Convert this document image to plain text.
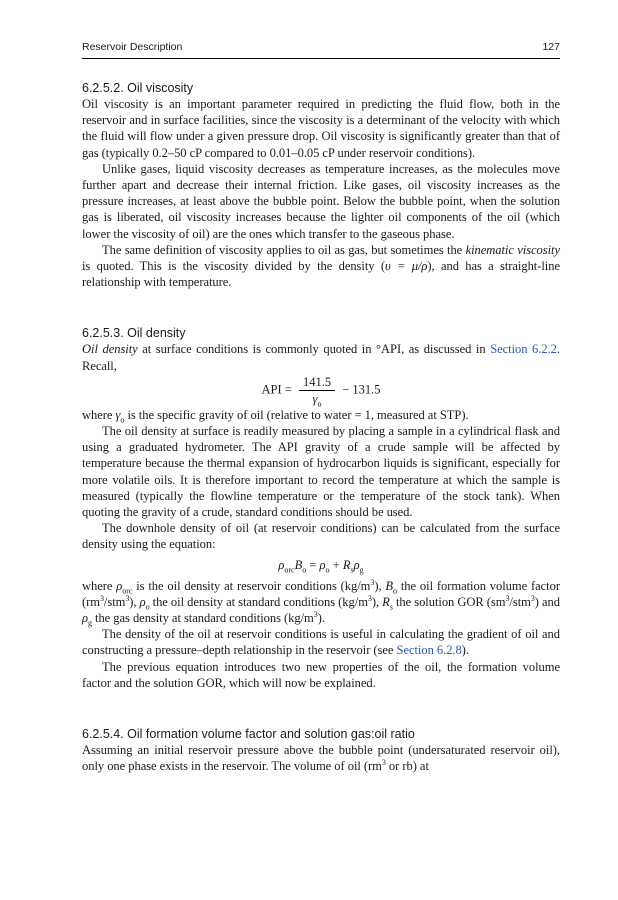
Reservoir Description	127
6.2.5.2. Oil viscosity

Oil viscosity is an important parameter required in predicting the fluid flow, both in the reservoir and in surface facilities, since the viscosity is a determinant of the velocity with which the fluid will flow under a given pressure drop. Oil viscosity is significantly greater than that of gas (typically 0.2–50 cP compared to 0.01–0.05 cP under reservoir conditions).

Unlike gases, liquid viscosity decreases as temperature increases, as the molecules move further apart and decrease their internal friction. Like gases, oil viscosity increases as the pressure increases, at least above the bubble point. Below the bubble point, when the solution gas is liberated, oil viscosity increases because the lighter oil components of the oil (which lower the viscosity of oil) are the ones which transfer to the gaseous phase.

The same definition of viscosity applies to oil as gas, but sometimes the kinematic viscosity is quoted. This is the viscosity divided by the density (υ = μ/ρ), and has a straight-line relationship with temperature.

6.2.5.3. Oil density

Oil density at surface conditions is commonly quoted in °API, as discussed in Section 6.2.2. Recall,

API = $\frac{141.5}{\gamma_o} - 131.5$

where $\gamma_o$ is the specific gravity of oil (relative to water = 1, measured at STP).

The oil density at surface is readily measured by placing a sample in a cylindrical flask and using a graduated hydrometer. The API gravity of a crude sample will be affected by temperature because the thermal expansion of hydrocarbon liquids is significant, especially for more volatile oils. It is therefore important to record the temperature at which the sample is measured (typically the flowline temperature or the temperature of the stock tank). When quoting the gravity of a crude, standard conditions should be used.

The downhole density of oil (at reservoir conditions) can be calculated from the surface density using the equation:

$\rho_{orc}B_o = \rho_o + R_s\rho_g$

where $\rho_{orc}$ is the oil density at reservoir conditions $(kg/m^3)$, $B_o$ the oil formation volume factor $(rm^3/stm^3)$, $\rho_o$ the oil density at standard conditions $(kg/m^3)$, $R_s$ the solution GOR $(sm^3/stm^3)$ and $\rho_g$ the gas density at standard conditions $(kg/m^3)$.

The density of the oil at reservoir conditions is useful in calculating the gradient of oil and constructing a pressure–depth relationship in the reservoir (see Section 6.2.8).

The previous equation introduces two new properties of the oil, the formation volume factor and the solution GOR, which will now be explained.

6.2.5.4. Oil formation volume factor and solution gas:oil ratio

Assuming an initial reservoir pressure above the bubble point (undersaturated reservoir oil), only one phase exists in the reservoir. The volume of oil ($rm^3$ or rb) at
